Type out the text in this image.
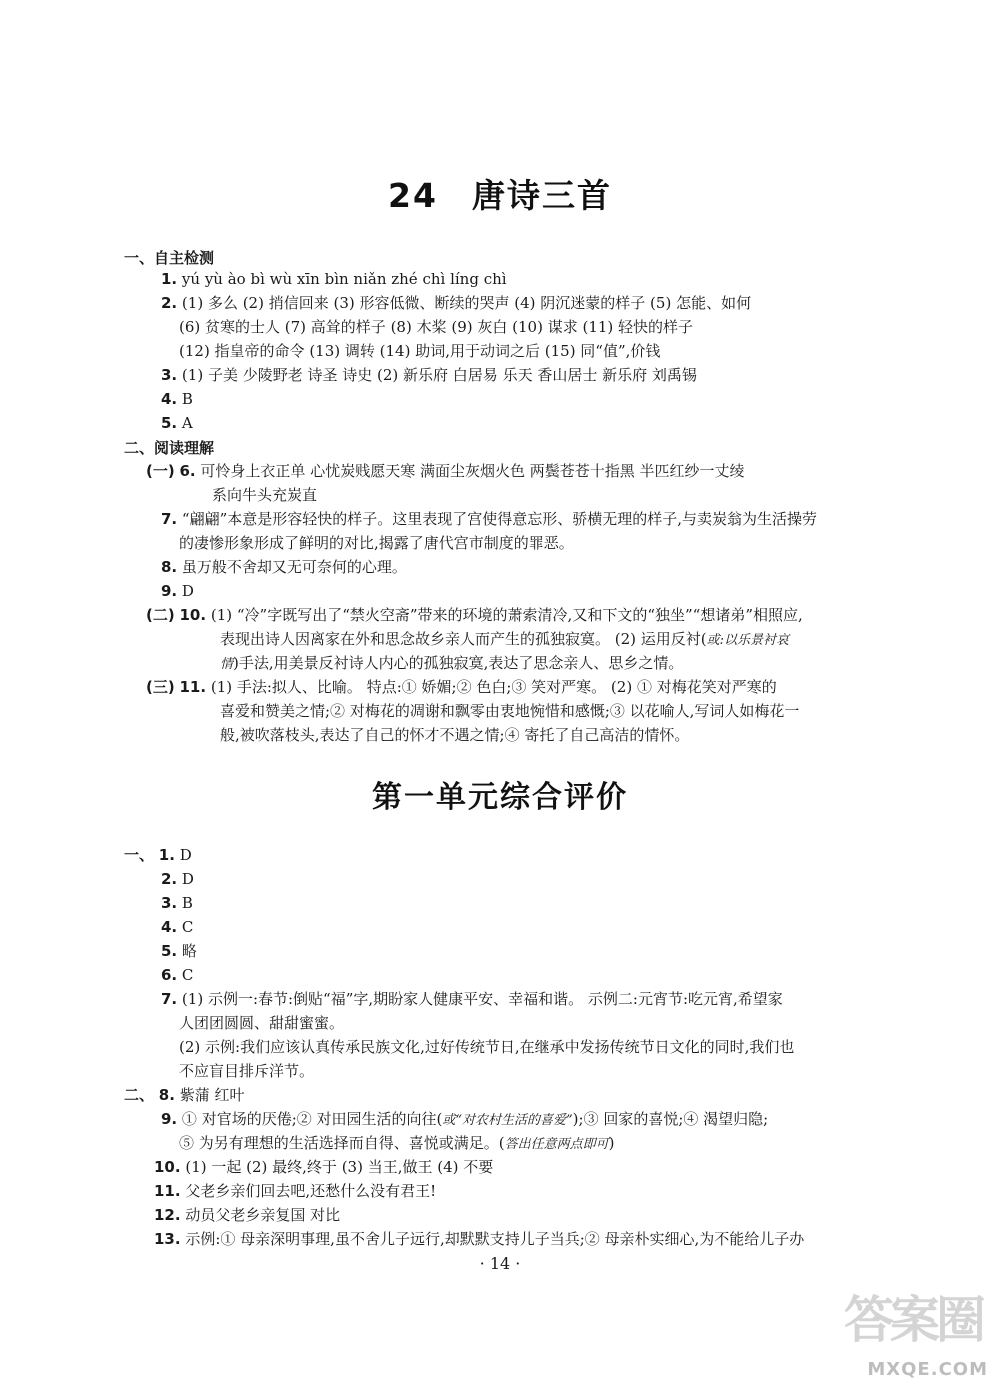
24 唐诗三首
一、自主检测
1. yú yù ào bì wù xīn bìn niǎn zhé chì líng chì
2. (1) 多么 (2) 捎信回来 (3) 形容低微、断续的哭声 (4) 阴沉迷蒙的样子 (5) 怎能、如何
(6) 贫寒的士人 (7) 高耸的样子 (8) 木桨 (9) 灰白 (10) 谋求 (11) 轻快的样子
(12) 指皇帝的命令 (13) 调转 (14) 助词,用于动词之后 (15) 同“值”,价钱
3. (1) 子美 少陵野老 诗圣 诗史 (2) 新乐府 白居易 乐天 香山居士 新乐府 刘禹锡
4. B
5. A
二、阅读理解
(一) 6. 可怜身上衣正单 心忧炭贱愿天寒 满面尘灰烟火色 两鬓苍苍十指黑 半匹红纱一丈绫
系向牛头充炭直
7. “翩翩”本意是形容轻快的样子。这里表现了宫使得意忘形、骄横无理的样子,与卖炭翁为生活操劳
的凄惨形象形成了鲜明的对比,揭露了唐代宫市制度的罪恶。
8. 虽万般不舍却又无可奈何的心理。
9. D
(二) 10. (1) “冷”字既写出了“禁火空斋”带来的环境的萧索清冷,又和下文的“独坐”“想诸弟”相照应,
表现出诗人因离家在外和思念故乡亲人而产生的孤独寂寞。 (2) 运用反衬(或:以乐景衬哀
情)手法,用美景反衬诗人内心的孤独寂寞,表达了思念亲人、思乡之情。
(三) 11. (1) 手法:拟人、比喻。 特点:① 娇媚;② 色白;③ 笑对严寒。 (2) ① 对梅花笑对严寒的
喜爱和赞美之情;② 对梅花的凋谢和飘零由衷地惋惜和感慨;③ 以花喻人,写词人如梅花一
般,被吹落枝头,表达了自己的怀才不遇之情;④ 寄托了自己高洁的情怀。
第一单元综合评价
一、 1. D
2. D
3. B
4. C
5. 略
6. C
7. (1) 示例一:春节:倒贴“福”字,期盼家人健康平安、幸福和谐。 示例二:元宵节:吃元宵,希望家
人团团圆圆、甜甜蜜蜜。
(2) 示例:我们应该认真传承民族文化,过好传统节日,在继承中发扬传统节日文化的同时,我们也
不应盲目排斥洋节。
二、 8. 紫蒲 红叶
9. ① 对官场的厌倦;② 对田园生活的向往(或“对农村生活的喜爱”);③ 回家的喜悦;④ 渴望归隐;
⑤ 为另有理想的生活选择而自得、喜悦或满足。(答出任意两点即可)
10. (1) 一起 (2) 最终,终于 (3) 当王,做王 (4) 不要
11. 父老乡亲们回去吧,还愁什么没有君王!
12. 动员父老乡亲复国 对比
13. 示例:① 母亲深明事理,虽不舍儿子远行,却默默支持儿子当兵;② 母亲朴实细心,为不能给儿子办
· 14 ·
答案圈
MXQE.COM
